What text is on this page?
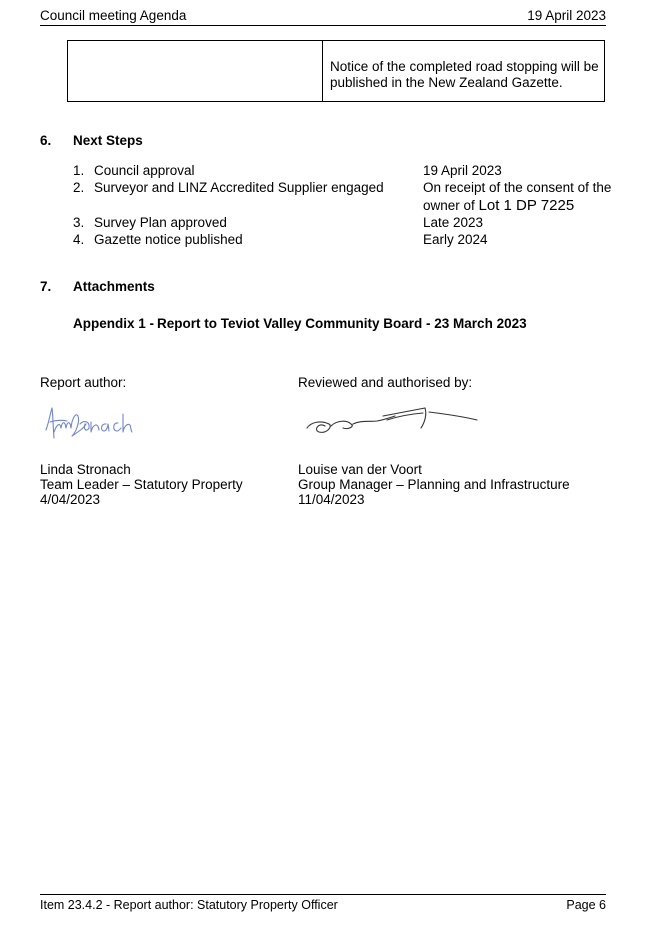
Council meeting Agenda	19 April 2023
Notice of the completed road stopping will be published in the New Zealand Gazette.
6. Next Steps
1. Council approval	19 April 2023
2. Surveyor and LINZ Accredited Supplier engaged	On receipt of the consent of the
owner of Lot 1 DP 7225
3. Survey Plan approved	Late 2023
4. Gazette notice published	Early 2024
7. Attachments
Appendix 1 - Report to Teviot Valley Community Board - 23 March 2023
Report author:
Linda Stronach
Team Leader – Statutory Property
4/04/2023
Reviewed and authorised by:
Louise van der Voort
Group Manager – Planning and Infrastructure
11/04/2023
Item 23.4.2 - Report author: Statutory Property Officer	Page 6
